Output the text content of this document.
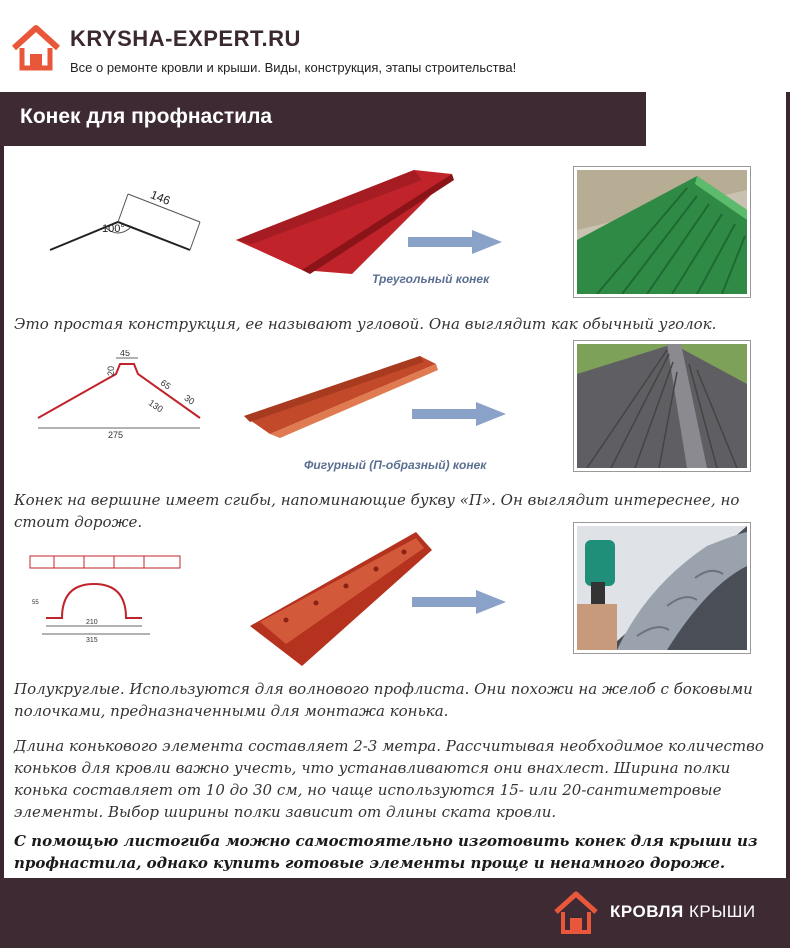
KRYSHA-EXPERT.RU
Все о ремонте кровли и крыши. Виды, конструкция, этапы строительства!
Конек для профнастила
146
100°
Треугольный конек
Это простая конструкция, ее называют угловой. Она выглядит как обычный уголок.
45
20
65
30
130
275
Фигурный (П-образный) конек
Конек на вершине имеет сгибы, напоминающие букву «П». Он выглядит интереснее, но
стоит дороже.
55
210
315
Полукруглые. Используются для волнового профлиста. Они похожи на желоб с боковыми
полочками, предназначенными для монтажа конька.
Длина конькового элемента составляет 2-3 метра. Рассчитывая необходимое количество
коньков для кровли важно учесть, что устанавливаются они внахлест. Ширина полки
конька составляет от 10 до 30 см, но чаще используются 15- или 20-сантиметровые
элементы. Выбор ширины полки зависит от длины ската кровли.
С помощью листогиба можно самостоятельно изготовить конек для крыши из
профнастила, однако купить готовые элементы проще и ненамного дороже.
КРОВЛЯ КРЫШИ
